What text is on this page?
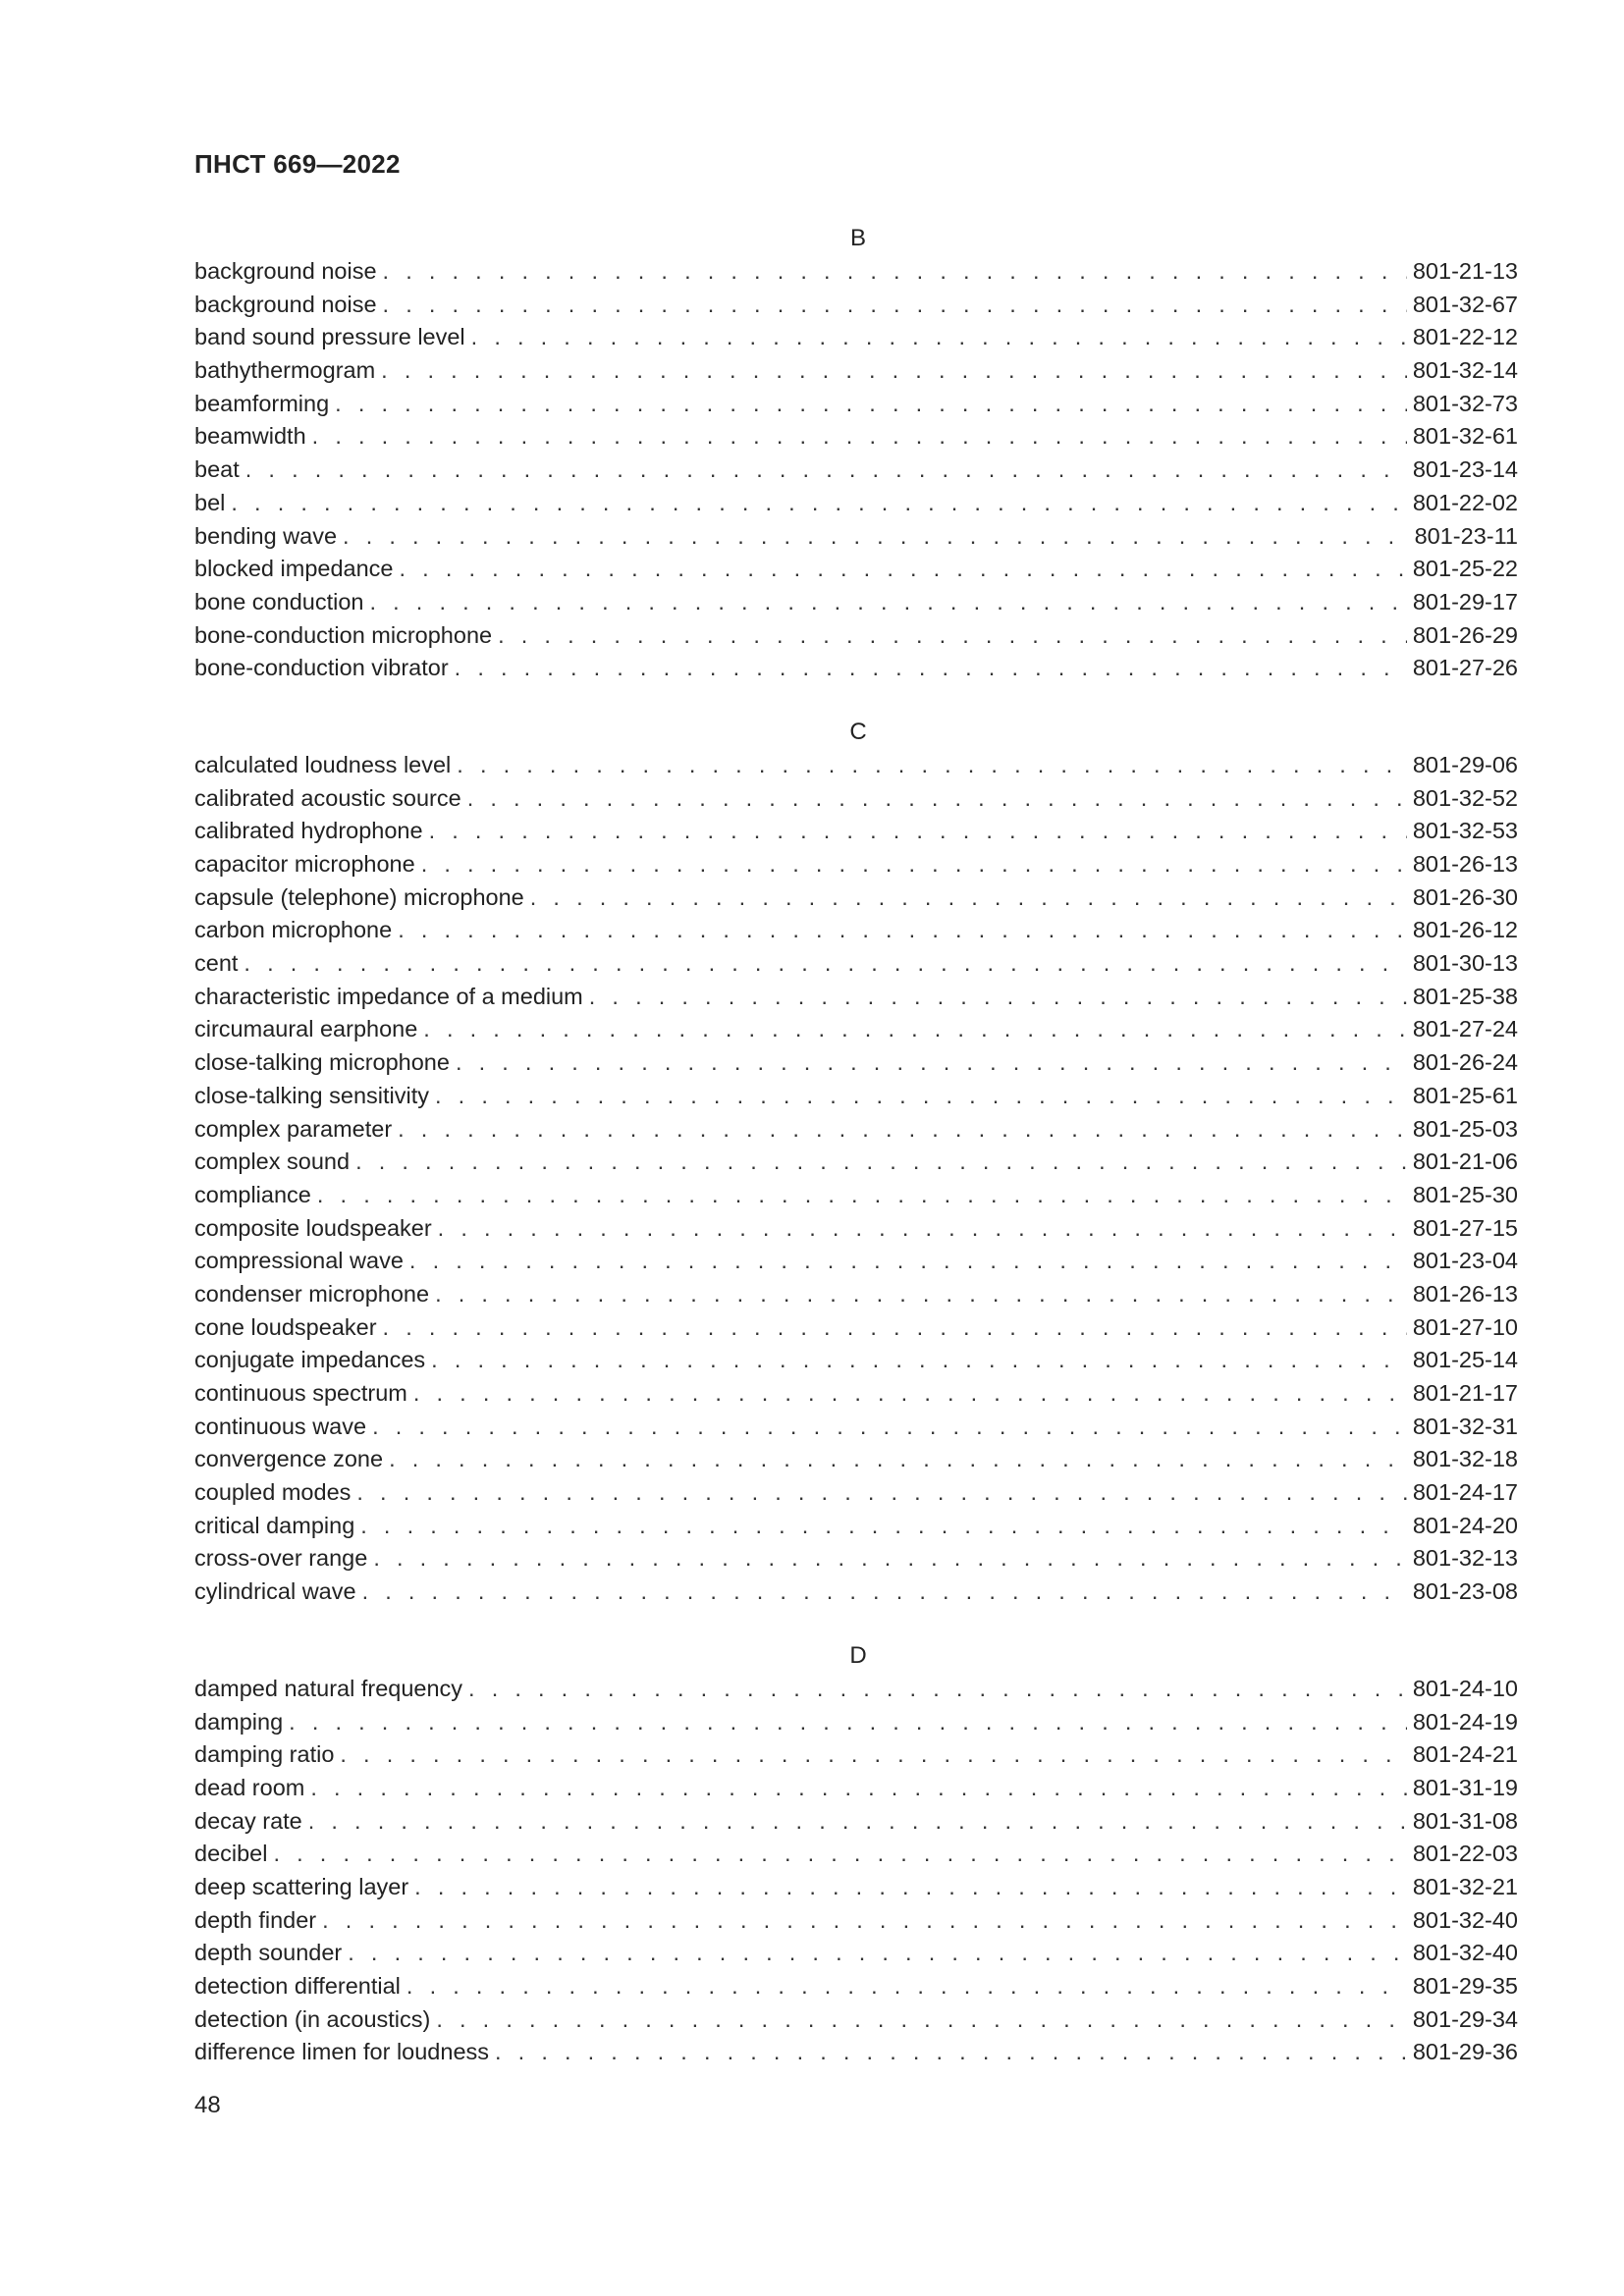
ПНСТ 669—2022
B
background noise . . .	801-21-13
background noise . . .	801-32-67
band sound pressure level . . .	801-22-12
bathythermogram . . .	801-32-14
beamforming . . .	801-32-73
beamwidth . . .	801-32-61
beat . . .	801-23-14
bel . . .	801-22-02
bending wave . . .	801-23-11
blocked impedance . . .	801-25-22
bone conduction . . .	801-29-17
bone-conduction microphone . . .	801-26-29
bone-conduction vibrator . . .	801-27-26
C
calculated loudness level . . .	801-29-06
calibrated acoustic source . . .	801-32-52
calibrated hydrophone . . .	801-32-53
capacitor microphone . . .	801-26-13
capsule (telephone) microphone . . .	801-26-30
carbon microphone . . .	801-26-12
cent . . .	801-30-13
characteristic impedance of a medium . . .	801-25-38
circumaural earphone . . .	801-27-24
close-talking microphone . . .	801-26-24
close-talking sensitivity . . .	801-25-61
complex parameter . . .	801-25-03
complex sound . . .	801-21-06
compliance . . .	801-25-30
composite loudspeaker . . .	801-27-15
compressional wave . . .	801-23-04
condenser microphone . . .	801-26-13
cone loudspeaker . . .	801-27-10
conjugate impedances . . .	801-25-14
continuous spectrum . . .	801-21-17
continuous wave . . .	801-32-31
convergence zone . . .	801-32-18
coupled modes . . .	801-24-17
critical damping . . .	801-24-20
cross-over range . . .	801-32-13
cylindrical wave . . .	801-23-08
D
damped natural frequency . . .	801-24-10
damping . . .	801-24-19
damping ratio . . .	801-24-21
dead room . . .	801-31-19
decay rate . . .	801-31-08
decibel . . .	801-22-03
deep scattering layer . . .	801-32-21
depth finder . . .	801-32-40
depth sounder . . .	801-32-40
detection differential . . .	801-29-35
detection (in acoustics) . . .	801-29-34
difference limen for loudness . . .	801-29-36
48
